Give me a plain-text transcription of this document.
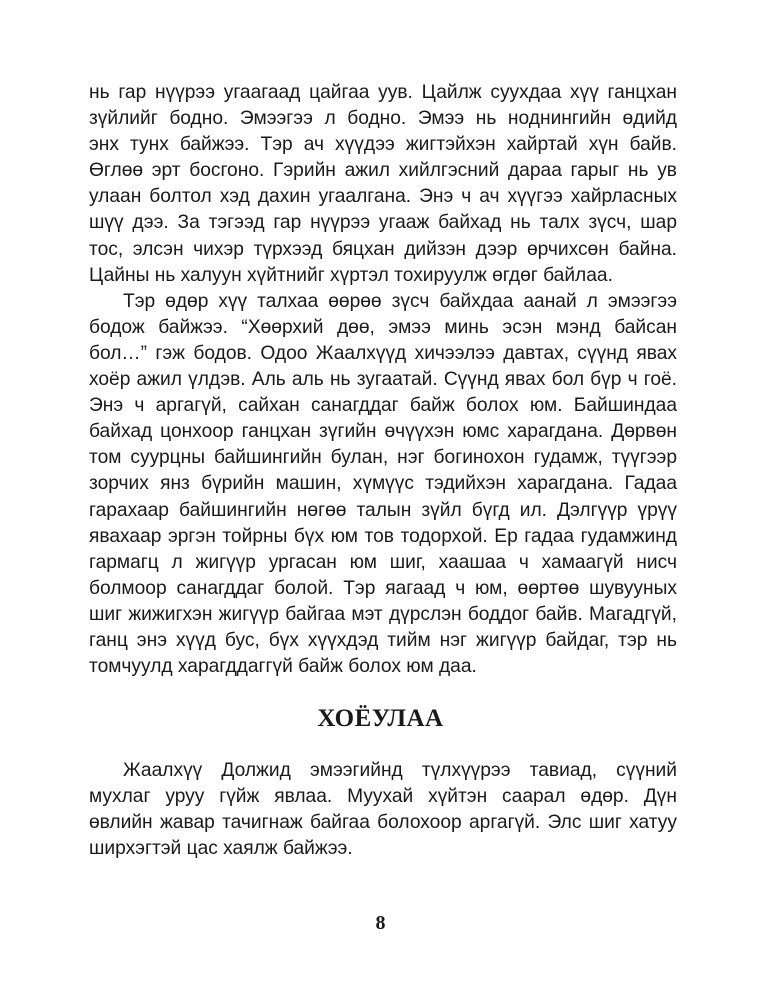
нь гар нүүрээ угаагаад цайгаа уув. Цайлж суухдаа хүү ганцхан
зүйлийг бодно. Эмээгээ л бодно. Эмээ нь ноднингийн өдийд
энх тунх байжээ. Тэр ач хүүдээ жигтэйхэн хайртай хүн байв.
Өглөө эрт босгоно. Гэрийн ажил хийлгэсний дараа гарыг нь ув
улаан болтол хэд дахин угаалгана. Энэ ч ач хүүгээ хайрласных
шүү дээ. За тэгээд гар нүүрээ угааж байхад нь талх зүсч, шар
тос, элсэн чихэр түрхээд бяцхан дийзэн дээр өрчихсөн байна.
Цайны нь халуун хүйтнийг хүртэл тохируулж өгдөг байлаа.

Тэр өдөр хүү талхаа өөрөө зүсч байхдаа аанай л эмээгээ
бодож байжээ. “Хөөрхий дөө, эмээ минь эсэн мэнд байсан
бол…” гэж бодов. Одоо Жаалхүүд хичээлээ давтах, сүүнд явах
хоёр ажил үлдэв. Аль аль нь зугаатай. Сүүнд явах бол бүр ч гоё.
Энэ ч аргагүй, сайхан санагддаг байж болох юм. Байшиндаа
байхад цонхоор ганцхан зүгийн өчүүхэн юмс харагдана. Дөрвөн
том суурцны байшингийн булан, нэг богинохон гудамж, түүгээр
зорчих янз бүрийн машин, хүмүүс тэдийхэн харагдана. Гадаа
гарахаар байшингийн нөгөө талын зүйл бүгд ил. Дэлгүүр үрүү
явахаар эргэн тойрны бүх юм тов тодорхой. Ер гадаа гудамжинд
гармагц л жигүүр ургасан юм шиг, хаашаа ч хамаагүй нисч
болмоор санагддаг болой. Тэр яагаад ч юм, өөртөө шувууных
шиг жижигхэн жигүүр байгаа мэт дүрслэн боддог байв. Магадгүй,
ганц энэ хүүд бус, бүх хүүхдэд тийм нэг жигүүр байдаг, тэр нь
томчуулд харагддаггүй байж болох юм даа.

ХОЁУЛАА

Жаалхүү Должид эмээгийнд түлхүүрээ тавиад, сүүний
мухлаг уруу гүйж явлаа. Муухай хүйтэн саарал өдөр. Дүн
өвлийн жавар тачигнаж байгаа болохоор аргагүй. Элс шиг хатуу
ширхэгтэй цас хаялж байжээ.

8
